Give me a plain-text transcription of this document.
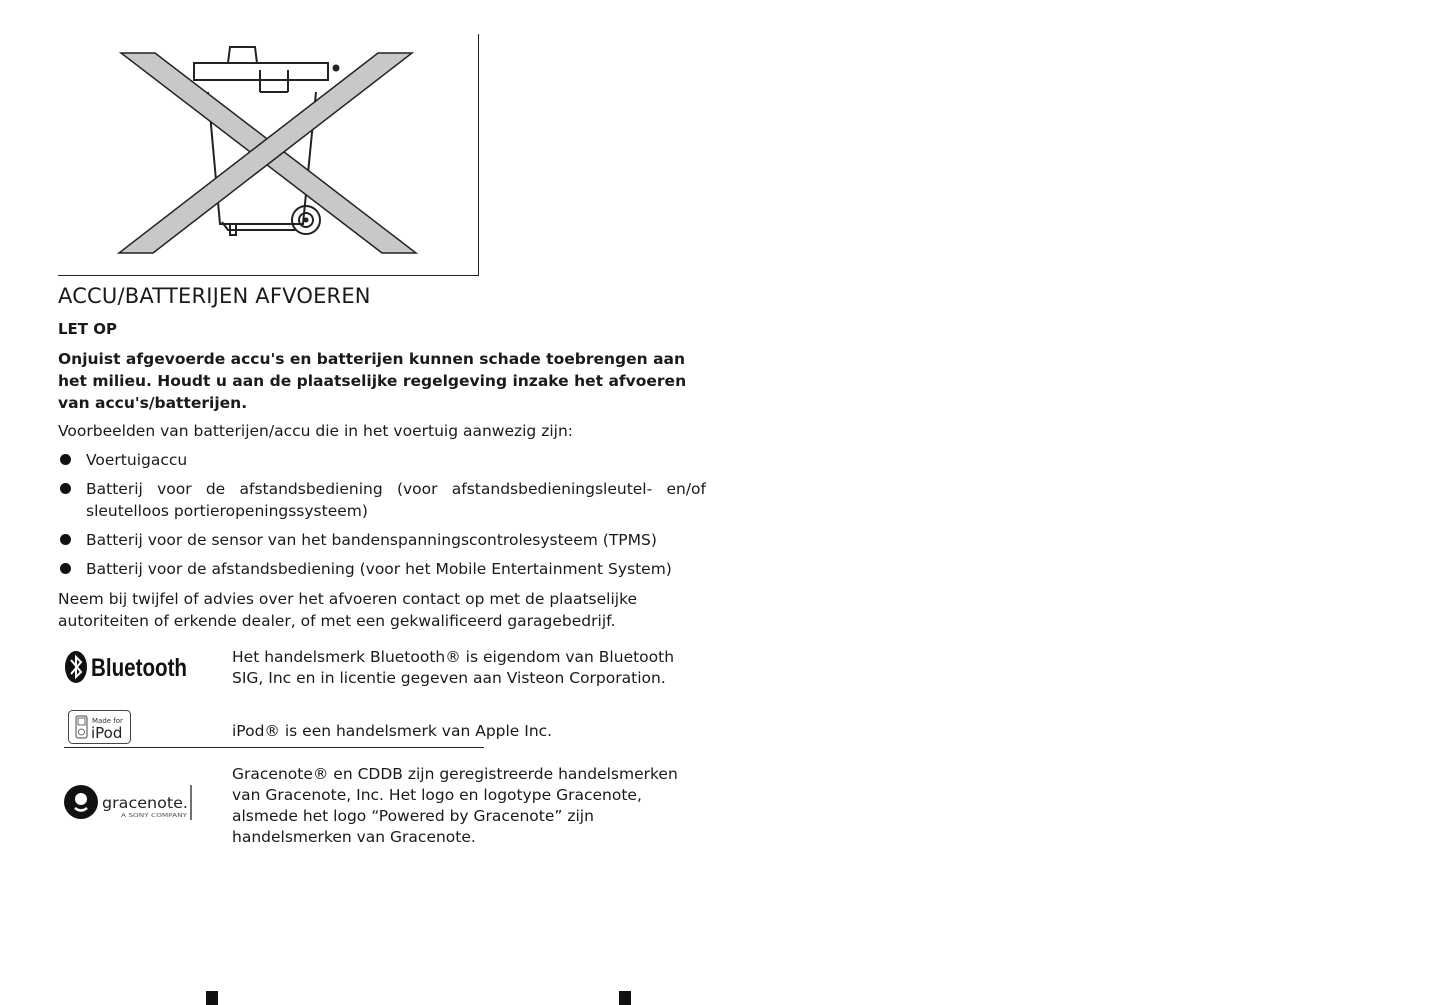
ACCU/BATTERIJEN AFVOEREN

LET OP

Onjuist afgevoerde accu's en batterijen kunnen schade toebrengen aan het milieu. Houdt u aan de plaatselijke regelgeving inzake het afvoeren van accu's/batterijen.

Voorbeelden van batterijen/accu die in het voertuig aanwezig zijn:

Voertuigaccu
Batterij voor de afstandsbediening (voor afstandsbedieningsleutel- en/of sleutelloos portieropeningssysteem)
Batterij voor de sensor van het bandenspanningscontrolesysteem (TPMS)
Batterij voor de afstandsbediening (voor het Mobile Entertainment System)

Neem bij twijfel of advies over het afvoeren contact op met de plaatselijke autoriteiten of erkende dealer, of met een gekwalificeerd garagebedrijf.

Bluetooth	Het handelsmerk Bluetooth® is eigendom van Bluetooth SIG, Inc en in licentie gegeven aan Visteon Corporation.

Made for
iPod	iPod® is een handelsmerk van Apple Inc.

gracenote.
A SONY COMPANY

Gracenote® en CDDB zijn geregistreerde handelsmerken van Gracenote, Inc. Het logo en logotype Gracenote, alsmede het logo “Powered by Gracenote” zijn handelsmerken van Gracenote.
